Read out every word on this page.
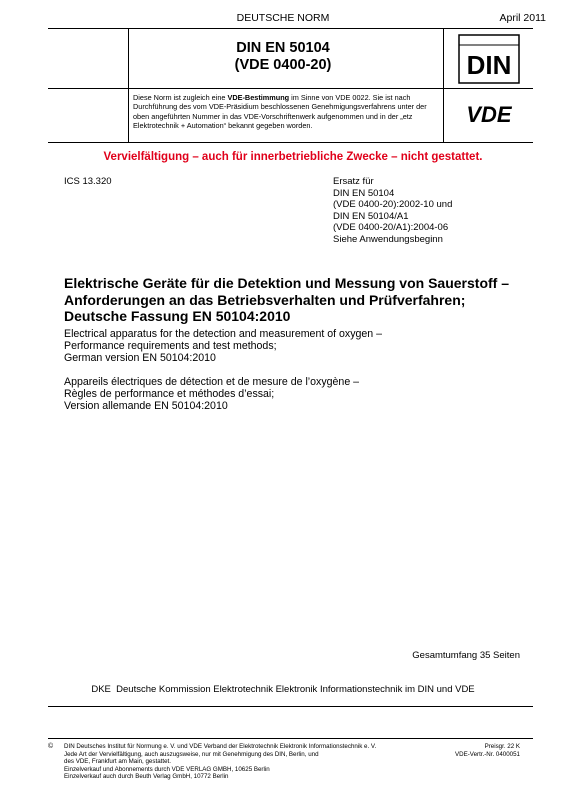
DEUTSCHE NORM	April 2011
DIN EN 50104
(VDE 0400-20)	DIN
VDE
Diese Norm ist zugleich eine VDE-Bestimmung im Sinne von VDE 0022. Sie ist nach Durchführung des vom VDE-Präsidium beschlossenen Genehmigungsverfahrens unter der oben angeführten Nummer in das VDE-Vorschriftenwerk aufgenommen und in der „etz Elektrotechnik + Automation“ bekannt gegeben worden.
Vervielfältigung – auch für innerbetriebliche Zwecke – nicht gestattet.
ICS 13.320	Ersatz für
DIN EN 50104
(VDE 0400-20):2002-10 und
DIN EN 50104/A1
(VDE 0400-20/A1):2004-06
Siehe Anwendungsbeginn
Elektrische Geräte für die Detektion und Messung von Sauerstoff –
Anforderungen an das Betriebsverhalten und Prüfverfahren;
Deutsche Fassung EN 50104:2010
Electrical apparatus for the detection and measurement of oxygen –
Performance requirements and test methods;
German version EN 50104:2010
Appareils électriques de détection et de mesure de l’oxygène –
Règles de performance et méthodes d’essai;
Version allemande EN 50104:2010
Gesamtumfang 35 Seiten
DKE  Deutsche Kommission Elektrotechnik Elektronik Informationstechnik im DIN und VDE
© DIN Deutsches Institut für Normung e. V. und VDE Verband der Elektrotechnik Elektronik Informationstechnik e. V.
Jede Art der Vervielfältigung, auch auszugsweise, nur mit Genehmigung des DIN, Berlin, und
des VDE, Frankfurt am Main, gestattet.
Einzelverkauf und Abonnements durch VDE VERLAG GMBH, 10625 Berlin
Einzelverkauf auch durch Beuth Verlag GmbH, 10772 Berlin
Preisgr. 22 K
VDE-Vertr.-Nr. 0400051
